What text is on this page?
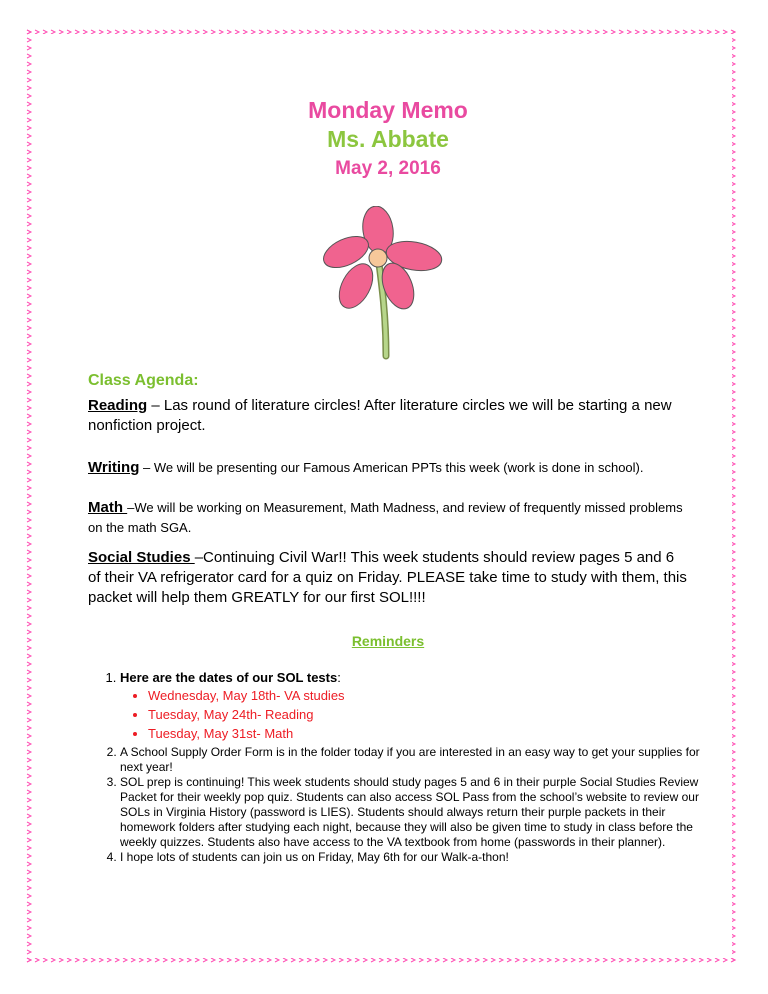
Monday Memo
Ms. Abbate
May 2, 2016
Class Agenda:
Reading – Las round of literature circles! After literature circles we will be starting a new nonfiction project.
Writing – We will be presenting our Famous American PPTs this week (work is done in school).
Math –We will be working on Measurement, Math Madness, and review of frequently missed problems on the math SGA.
Social Studies –Continuing Civil War!! This week students should review pages 5 and 6 of their VA refrigerator card for a quiz on Friday. PLEASE take time to study with them, this packet will help them GREATLY for our first SOL!!!!
Reminders
1. Here are the dates of our SOL tests:
• Wednesday, May 18th- VA studies
• Tuesday, May 24th- Reading
• Tuesday, May 31st- Math
2. A School Supply Order Form is in the folder today if you are interested in an easy way to get your supplies for next year!
3. SOL prep is continuing! This week students should study pages 5 and 6 in their purple Social Studies Review Packet for their weekly pop quiz. Students can also access SOL Pass from the school’s website to review our SOLs in Virginia History (password is LIES). Students should always return their purple packets in their homework folders after studying each night, because they will also be given time to study in class before the weekly quizzes. Students also have access to the VA textbook from home (passwords in their planner).
4. I hope lots of students can join us on Friday, May 6th for our Walk-a-thon!
